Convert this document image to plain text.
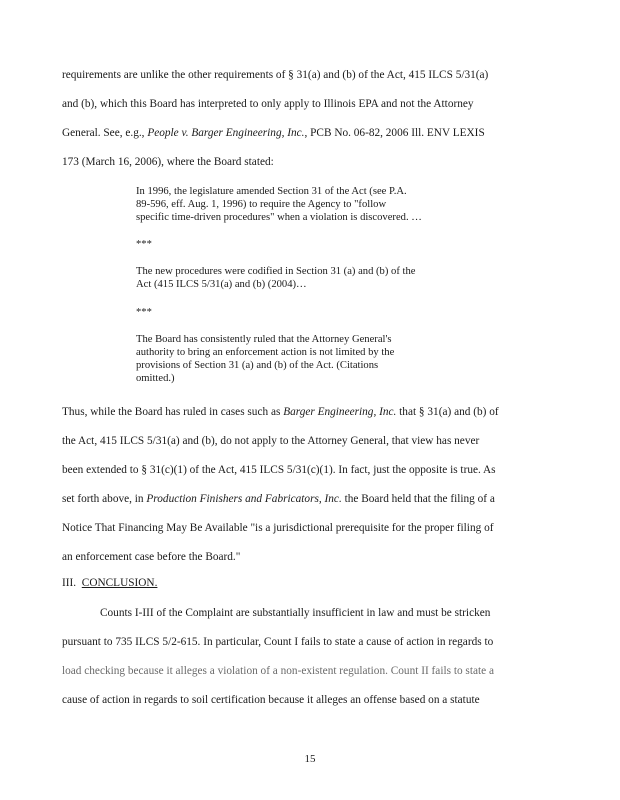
requirements are unlike the other requirements of § 31(a) and (b) of the Act, 415 ILCS 5/31(a)
and (b), which this Board has interpreted to only apply to Illinois EPA and not the Attorney
General. See, e.g., People v. Barger Engineering, Inc., PCB No. 06-82, 2006 Ill. ENV LEXIS
173 (March 16, 2006), where the Board stated:
In 1996, the legislature amended Section 31 of the Act (see P.A.
89-596, eff. Aug. 1, 1996) to require the Agency to "follow
specific time-driven procedures" when a violation is discovered. …
***
The new procedures were codified in Section 31 (a) and (b) of the
Act (415 ILCS 5/31(a) and (b) (2004)…
***
The Board has consistently ruled that the Attorney General's
authority to bring an enforcement action is not limited by the
provisions of Section 31 (a) and (b) of the Act. (Citations
omitted.)
Thus, while the Board has ruled in cases such as Barger Engineering, Inc. that § 31(a) and (b) of
the Act, 415 ILCS 5/31(a) and (b), do not apply to the Attorney General, that view has never
been extended to § 31(c)(1) of the Act, 415 ILCS 5/31(c)(1). In fact, just the opposite is true. As
set forth above, in Production Finishers and Fabricators, Inc. the Board held that the filing of a
Notice That Financing May Be Available "is a jurisdictional prerequisite for the proper filing of
an enforcement case before the Board."
III. CONCLUSION.
Counts I-III of the Complaint are substantially insufficient in law and must be stricken
pursuant to 735 ILCS 5/2-615. In particular, Count I fails to state a cause of action in regards to
load checking because it alleges a violation of a non-existent regulation. Count II fails to state a
cause of action in regards to soil certification because it alleges an offense based on a statute
15
